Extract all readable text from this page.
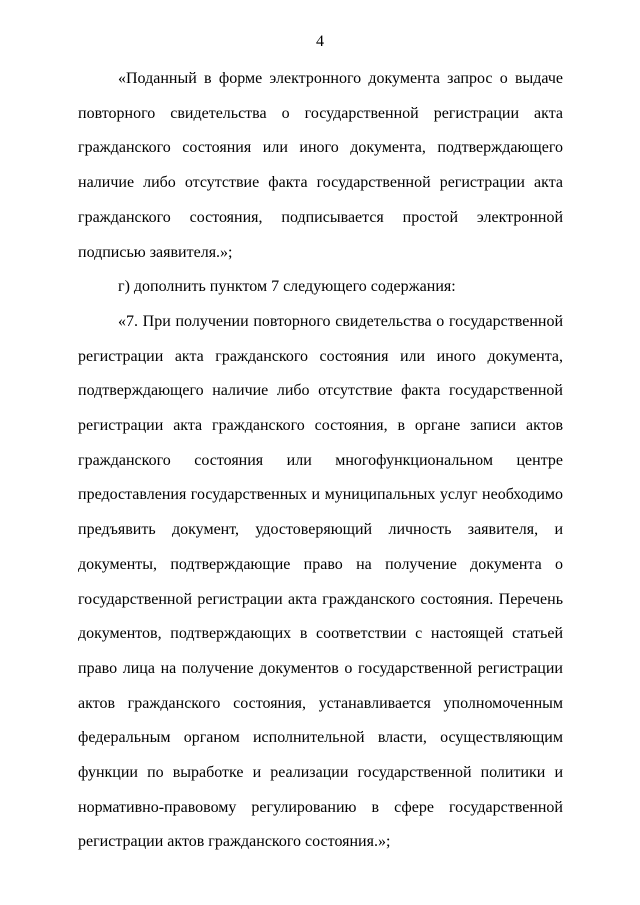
4

«Поданный в форме электронного документа запрос о выдаче повторного свидетельства о государственной регистрации акта гражданского состояния или иного документа, подтверждающего наличие либо отсутствие факта государственной регистрации акта гражданского состояния, подписывается простой электронной подписью заявителя.»;

г) дополнить пунктом 7 следующего содержания:

«7. При получении повторного свидетельства о государственной регистрации акта гражданского состояния или иного документа, подтверждающего наличие либо отсутствие факта государственной регистрации акта гражданского состояния, в органе записи актов гражданского состояния или многофункциональном центре предоставления государственных и муниципальных услуг необходимо предъявить документ, удостоверяющий личность заявителя, и документы, подтверждающие право на получение документа о государственной регистрации акта гражданского состояния. Перечень документов, подтверждающих в соответствии с настоящей статьей право лица на получение документов о государственной регистрации актов гражданского состояния, устанавливается уполномоченным федеральным органом исполнительной власти, осуществляющим функции по выработке и реализации государственной политики и нормативно-правовому регулированию в сфере государственной регистрации актов гражданского состояния.»;
